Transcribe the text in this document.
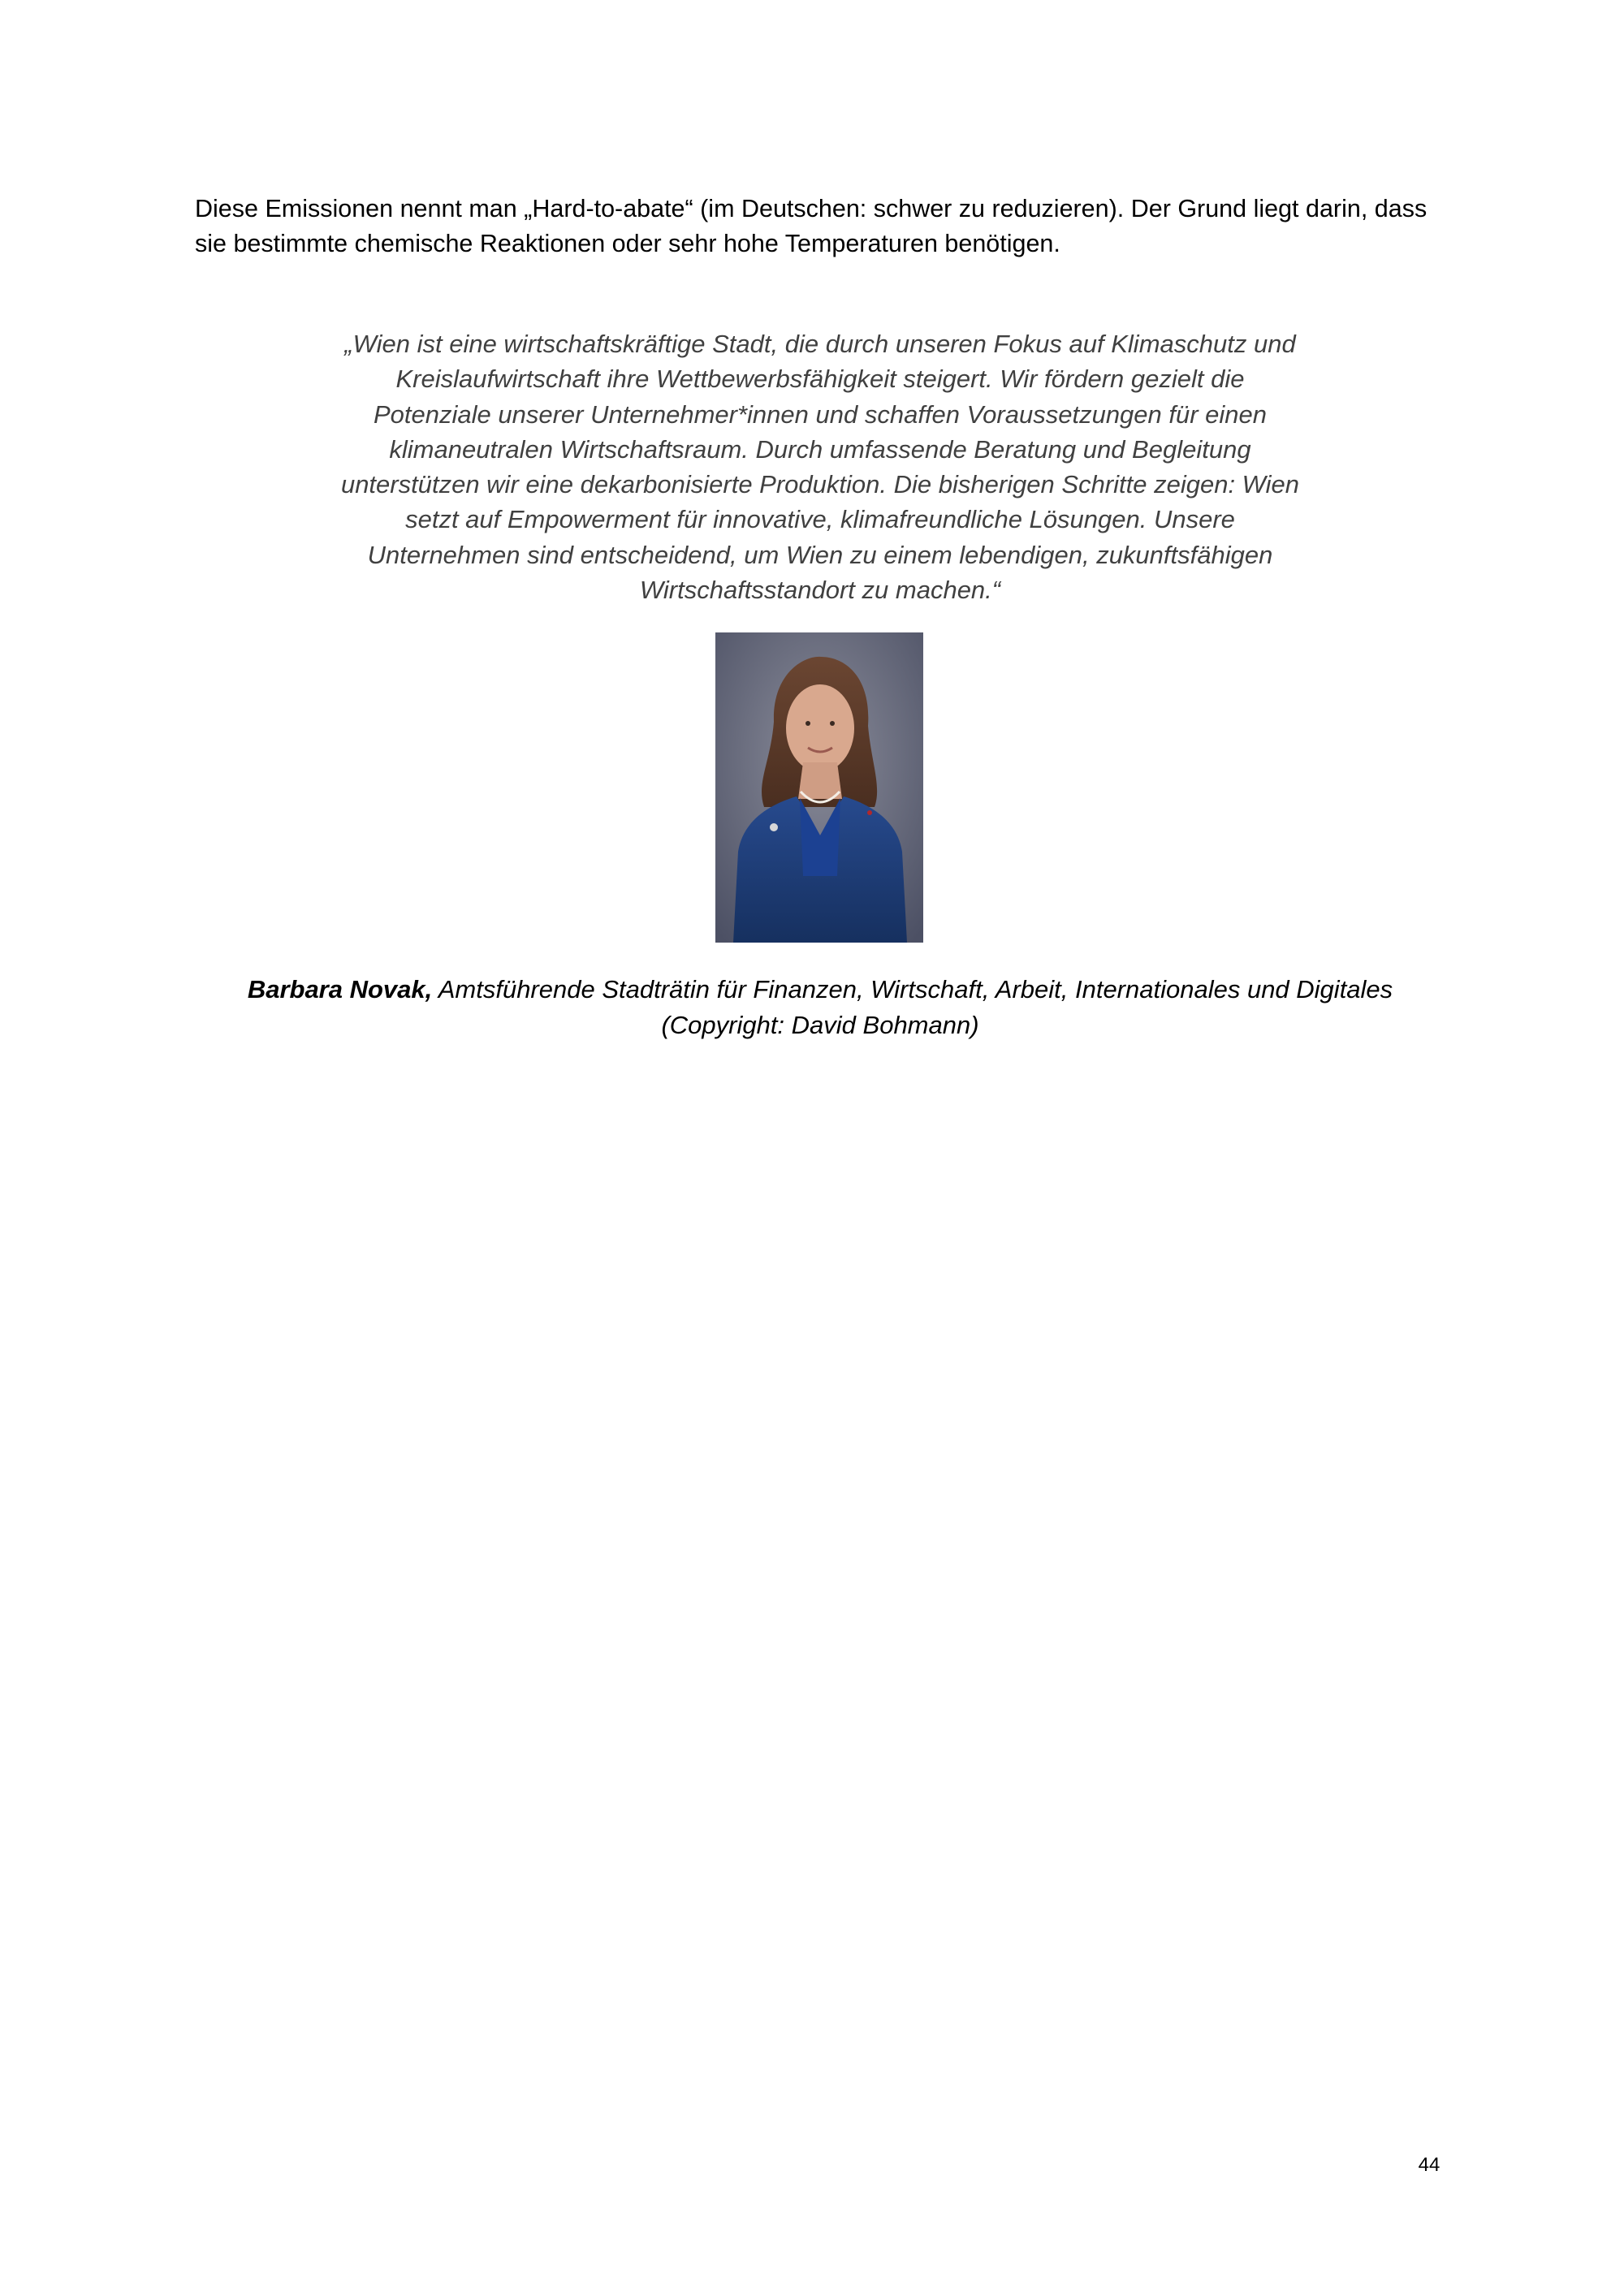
Diese Emissionen nennt man „Hard-to-abate“ (im Deutschen: schwer zu reduzieren). Der Grund liegt darin, dass sie bestimmte chemische Reaktionen oder sehr hohe Temperaturen benötigen.

„Wien ist eine wirtschaftskräftige Stadt, die durch unseren Fokus auf Klimaschutz und
Kreislaufwirtschaft ihre Wettbewerbsfähigkeit steigert. Wir fördern gezielt die
Potenziale unserer Unternehmer*innen und schaffen Voraussetzungen für einen
klimaneutralen Wirtschaftsraum. Durch umfassende Beratung und Begleitung
unterstützen wir eine dekarbonisierte Produktion. Die bisherigen Schritte zeigen: Wien
setzt auf Empowerment für innovative, klimafreundliche Lösungen. Unsere
Unternehmen sind entscheidend, um Wien zu einem lebendigen, zukunftsfähigen
Wirtschaftsstandort zu machen.“

Barbara Novak, Amtsführende Stadträtin für Finanzen, Wirtschaft, Arbeit, Internationales und Digitales
(Copyright: David Bohmann)

44
